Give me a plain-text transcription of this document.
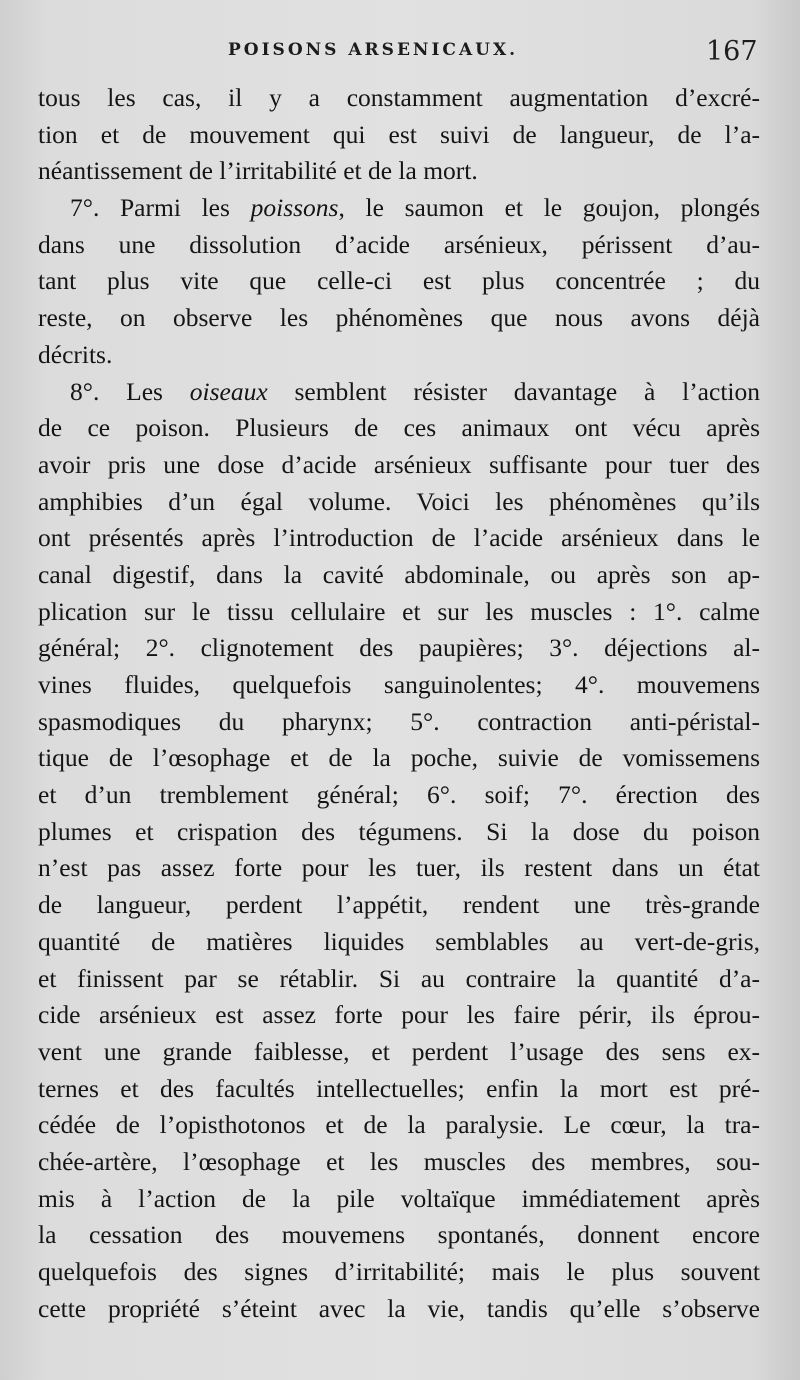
POISONS ARSENICAUX.	167
tous les cas, il y a constamment augmentation d’excré-
tion et de mouvement qui est suivi de langueur, de l’a-
néantissement de l’irritabilité et de la mort.
7°. Parmi les poissons, le saumon et le goujon, plongés
dans une dissolution d’acide arsénieux, périssent d’au-
tant plus vite que celle-ci est plus concentrée ; du
reste, on observe les phénomènes que nous avons déjà
décrits.
8°. Les oiseaux semblent résister davantage à l’action
de ce poison. Plusieurs de ces animaux ont vécu après
avoir pris une dose d’acide arsénieux suffisante pour tuer des
amphibies d’un égal volume. Voici les phénomènes qu’ils
ont présentés après l’introduction de l’acide arsénieux dans le
canal digestif, dans la cavité abdominale, ou après son ap-
plication sur le tissu cellulaire et sur les muscles : 1°. calme
général; 2°. clignotement des paupières; 3°. déjections al-
vines fluides, quelquefois sanguinolentes; 4°. mouvemens
spasmodiques du pharynx; 5°. contraction anti-péristal-
tique de l’œsophage et de la poche, suivie de vomissemens
et d’un tremblement général; 6°. soif; 7°. érection des
plumes et crispation des tégumens. Si la dose du poison
n’est pas assez forte pour les tuer, ils restent dans un état
de langueur, perdent l’appétit, rendent une très-grande
quantité de matières liquides semblables au vert-de-gris,
et finissent par se rétablir. Si au contraire la quantité d’a-
cide arsénieux est assez forte pour les faire périr, ils éprou-
vent une grande faiblesse, et perdent l’usage des sens ex-
ternes et des facultés intellectuelles; enfin la mort est pré-
cédée de l’opisthotonos et de la paralysie. Le cœur, la tra-
chée-artère, l’œsophage et les muscles des membres, sou-
mis à l’action de la pile voltaïque immédiatement après
la cessation des mouvemens spontanés, donnent encore
quelquefois des signes d’irritabilité; mais le plus souvent
cette propriété s’éteint avec la vie, tandis qu’elle s’observe
